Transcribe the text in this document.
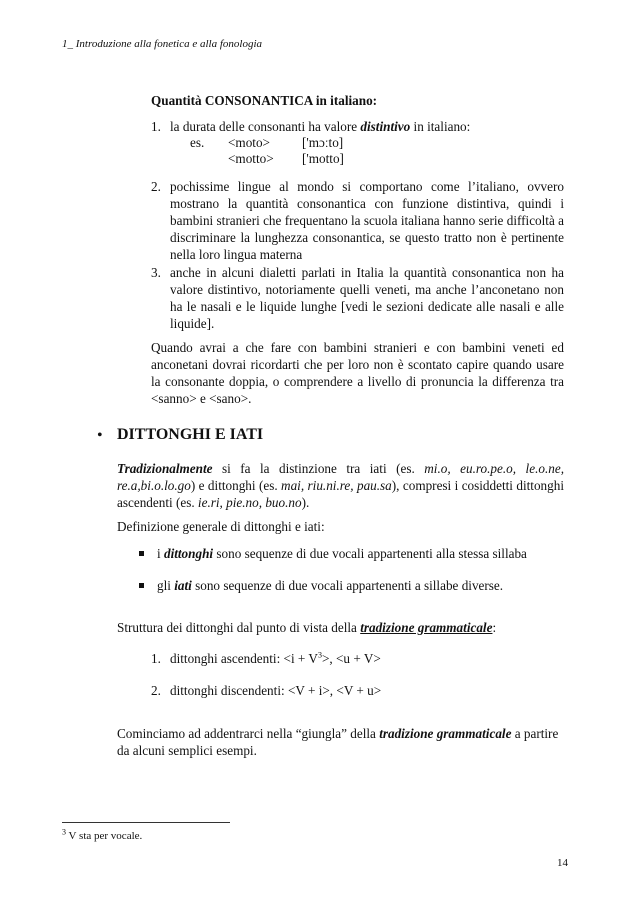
1_ Introduzione alla fonetica e alla fonologia
Quantità CONSONANTICA in italiano:
1. la durata delle consonanti ha valore distintivo in italiano:
es. <moto> ['mɔːto]
<motto> ['motto]
2. pochissime lingue al mondo si comportano come l’italiano, ovvero mostrano la quantità consonantica con funzione distintiva, quindi i bambini stranieri che frequentano la scuola italiana hanno serie difficoltà a discriminare la lunghezza consonantica, se questo tratto non è pertinente nella loro lingua materna
3. anche in alcuni dialetti parlati in Italia la quantità consonantica non ha valore distintivo, notoriamente quelli veneti, ma anche l’anconetano non ha le nasali e le liquide lunghe [vedi le sezioni dedicate alle nasali e alle liquide].
Quando avrai a che fare con bambini stranieri e con bambini veneti ed anconetani dovrai ricordarti che per loro non è scontato capire quando usare la consonante doppia, o comprendere a livello di pronuncia la differenza tra <sanno> e <sano>.
• DITTONGHI E IATI
Tradizionalmente si fa la distinzione tra iati (es. mi.o, eu.ro.pe.o, le.o.ne, re.a,bi.o.lo.go) e dittonghi (es. mai, riu.ni.re, pau.sa), compresi i cosiddetti dittonghi ascendenti (es. ie.ri, pie.no, buo.no).
Definizione generale di dittonghi e iati:
i dittonghi sono sequenze di due vocali appartenenti alla stessa sillaba
gli iati sono sequenze di due vocali appartenenti a sillabe diverse.
Struttura dei dittonghi dal punto di vista della tradizione grammaticale:
1. dittonghi ascendenti: $<i + V^3>$, <u + V>
2. dittonghi discendenti: <V + i>, <V + u>
Cominciamo ad addentrarci nella “giungla” della tradizione grammaticale a partire da alcuni semplici esempi.
$^3$ V sta per vocale.
14
